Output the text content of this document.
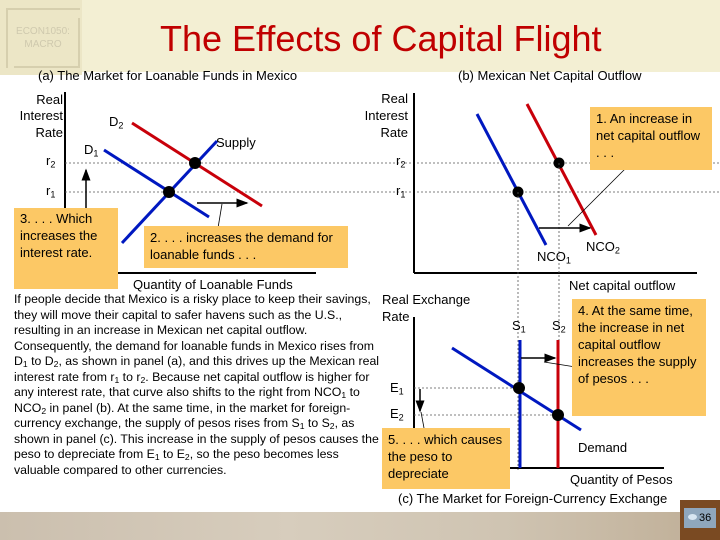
ECON1050:
MACRO	The Effects of Capital Flight
(a) The Market for Loanable Funds in Mexico
Real
Interest
Rate
$r_2$
$r_1$
$D_1$
$D_2$
Supply
Quantity of Loanable Funds
2. . . . increases the demand for loanable funds . . .
3. . . . Which increases the interest rate.
(b) Mexican Net Capital Outflow
Real
Interest
Rate
$r_2$
$r_1$
$NCO_1$
$NCO_2$
Net capital outflow
1. An increase in net capital outflow . . .
Real Exchange
Rate
$S_1$ $S_2$
$E_1$
$E_2$
Demand
Quantity of Pesos
(c) The Market for Foreign-Currency Exchange
4. At the same time, the increase in net capital outflow increases the supply of pesos . . .
5. . . . which causes the peso to depreciate
If people decide that Mexico is a risky place to keep their savings, they will move their capital to safer havens such as the U.S., resulting in an increase in Mexican net capital outflow. Consequently, the demand for loanable funds in Mexico rises from $D_1$ to $D_2$, as shown in panel (a), and this drives up the Mexican real interest rate from $r_1$ to $r_2$. Because net capital outflow is higher for any interest rate, that curve also shifts to the right from $NCO_1$ to $NCO_2$ in panel (b). At the same time, in the market for foreign-currency exchange, the supply of pesos rises from $S_1$ to $S_2$, as shown in panel (c). This increase in the supply of pesos causes the peso to depreciate from $E_1$ to $E_2$, so the peso becomes less valuable compared to other currencies.
36
